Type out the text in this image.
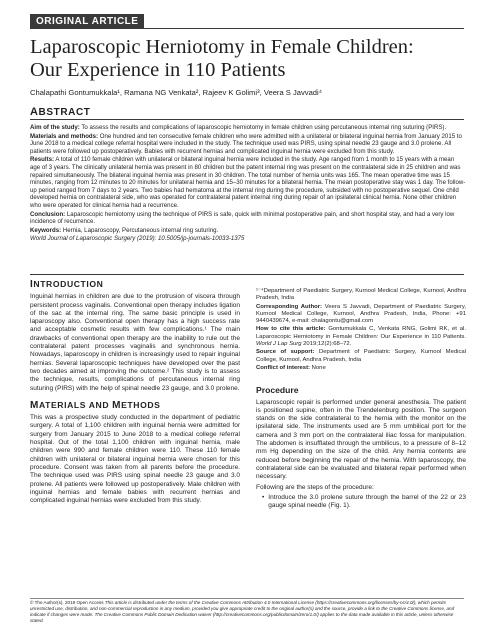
ORIGINAL ARTICLE
Laparoscopic Herniotomy in Female Children:
Our Experience in 110 Patients
Chalapathi Gontumukkala¹, Ramana NG Venkata², Rajeev K Golimi³, Veera S Javvadi⁴
ABSTRACT

Aim of the study: To assess the results and complications of laparoscopic herniotomy in female children using percutaneous internal ring suturing (PIRS).

Materials and methods: One hundred and ten consecutive female children who were admitted with a unilateral or bilateral inguinal hernia from January 2015 to June 2018 to a medical college referral hospital were included in the study. The technique used was PIRS, using spinal needle 23 gauge and 3.0 prolene. All patients were followed up postoperatively. Babies with recurrent hernias and complicated inguinal hernia were excluded from this study.

Results: A total of 110 female children with unilateral or bilateral inguinal hernia were included in the study. Age ranged from 1 month to 15 years with a mean age of 3 years. The clinically unilateral hernia was present in 80 children but the patent internal ring was present on the contralateral side in 25 children and was repaired simultaneously. The bilateral inguinal hernia was present in 30 children. The total number of hernia units was 165. The mean operative time was 15 minutes, ranging from 12 minutes to 20 minutes for unilateral hernia and 15–30 minutes for a bilateral hernia. The mean postoperative stay was 1 day. The follow-up period ranged from 7 days to 2 years. Two babies had hematoma at the internal ring during the procedure, subsided with no postoperative sequel. One child developed hernia on contralateral side, who was operated for contralateral patent internal ring during repair of an ipsilateral clinical hernia. None other children who were operated for clinical hernia had a recurrence.

Conclusion: Laparoscopic herniotomy using the technique of PIRS is safe, quick with minimal postoperative pain, and short hospital stay, and had a very low incidence of recurrence.

Keywords: Hernia, Laparoscopy, Percutaneous internal ring suturing.

World Journal of Laparoscopic Surgery (2019): 10.5005/jp-journals-10033-1375

INTRODUCTION

Inguinal hernias in children are due to the protrusion of viscera through persistent process vaginalis. Conventional open therapy includes ligation of the sac at the internal ring. The same basic principle is used in laparoscopy also. Conventional open therapy has a high success rate and acceptable cosmetic results with few complications.¹ The main drawbacks of conventional open therapy are the inability to rule out the contralateral patent processes vaginalis and synchronous hernia. Nowadays, laparoscopy in children is increasingly used to repair inguinal hernias. Several laparoscopic techniques have developed over the past two decades aimed at improving the outcome.² This study is to assess the technique, results, complications of percutaneous internal ring suturing (PIRS) with the help of spinal needle 23 gauge, and 3.0 prolene.

MATERIALS AND METHODS

This was a prospective study conducted in the department of pediatric surgery. A total of 1,100 children with inguinal hernia were admitted for surgery from January 2015 to June 2018 to a medical college referral hospital. Out of the total 1,100 children with inguinal hernia, male children were 990 and female children were 110. These 110 female children with unilateral or bilateral inguinal hernia were chosen for this procedure. Consent was taken from all parents before the procedure. The technique used was PIRS using spinal needle 23 gauge and 3.0 prolene. All patients were followed up postoperatively. Male children with inguinal hernias and female babies with recurrent hernias and complicated inguinal hernias were excluded from this study.

¹⁻⁴Department of Paediatric Surgery, Kurnool Medical College, Kurnool, Andhra Pradesh, India

Corresponding Author: Veera S Javvadi, Department of Paediatric Surgery, Kurnool Medical College, Kurnool, Andhra Pradesh, India, Phone: +91 9440439674, e-mail: chalagontu@gmail.com

How to cite this article: Gontumukkala C, Venkata RNG, Golimi RK, et al. Laparoscopic Herniotomy in Female Children: Our Experience in 110 Patients. World J Lap Surg 2019;12(2):68–72.

Source of support: Department of Paediatric Surgery, Kurnool Medical College, Kurnool, Andhra Pradesh, India

Conflict of interest: None

Procedure

Laparoscopic repair is performed under general anesthesia. The patient is positioned supine, often in the Trendelenburg position. The surgeon stands on the side contralateral to the hernia with the monitor on the ipsilateral side. The instruments used are 5 mm umbilical port for the camera and 3 mm port on the contralateral iliac fossa for manipulation. The abdomen is insufflated through the umbilicus, to a pressure of 8–12 mm Hg depending on the size of the child. Any hernia contents are reduced before beginning the repair of the hernia. With laparoscopy, the contralateral side can be evaluated and bilateral repair performed when necessary.

Following are the steps of the procedure:

• Introduce the 3.0 prolene suture through the barrel of the 22 or 23 gauge spinal needle (Fig. 1).
© The Author(s). 2019 Open Access This article is distributed under the terms of the Creative Commons Attribution 4.0 International License (https://creativecommons.org/licenses/by-nc/4.0/), which permits unrestricted use, distribution, and non-commercial reproduction in any medium, provided you give appropriate credit to the original author(s) and the source, provide a link to the Creative Commons license, and indicate if changes were made. The Creative Commons Public Domain Dedication waiver (http://creativecommons.org/publicdomain/zero/1.0/) applies to the data made available in this article, unless otherwise stated.
